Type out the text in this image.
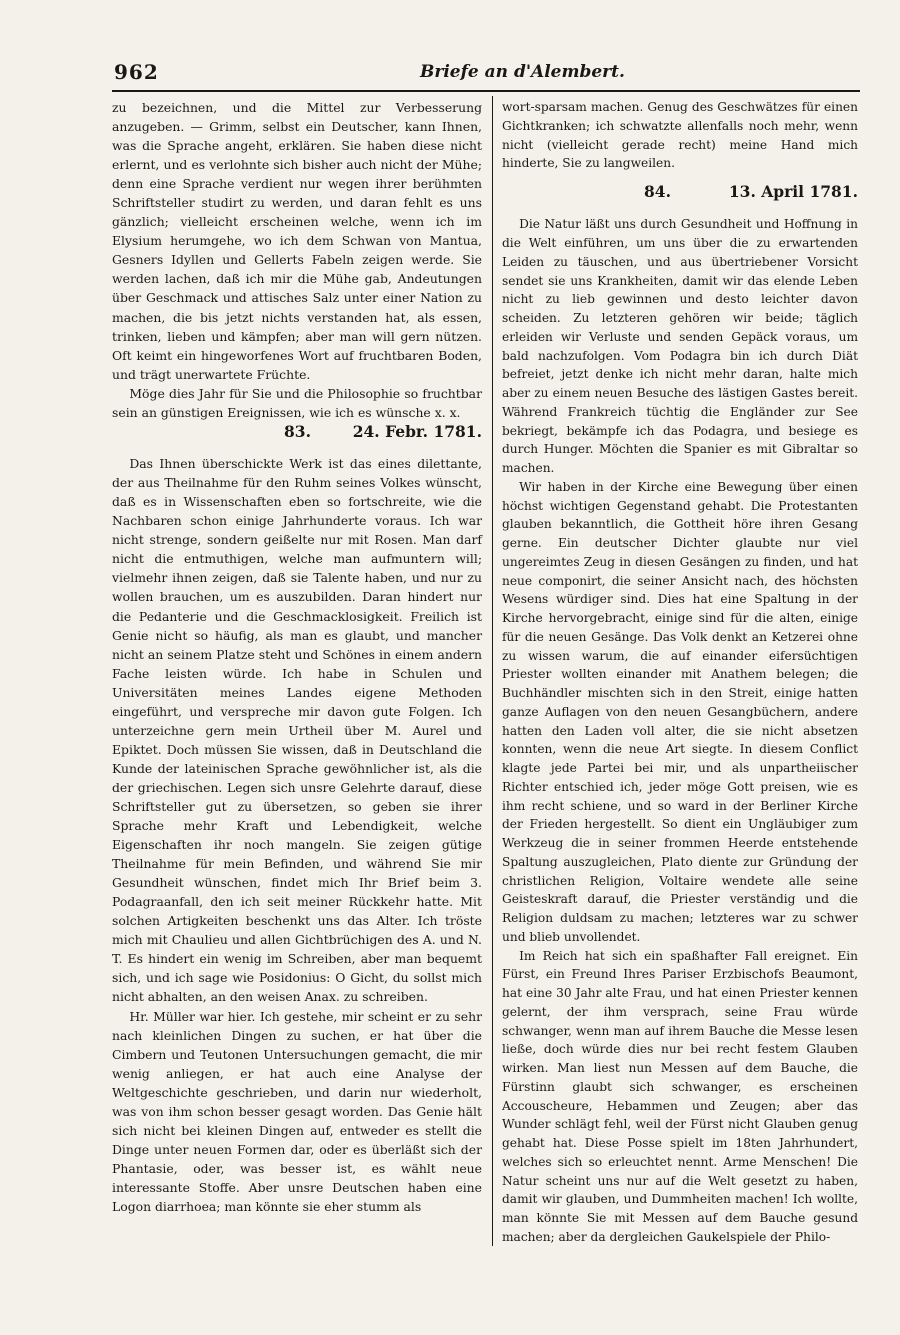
962	Briefe an d'Alembert.

zu bezeichnen, und die Mittel zur Verbesserung anzugeben. — Grimm, selbst ein Deutscher, kann Ihnen, was die Sprache angeht, erklären. Sie haben diese nicht erlernt, und es verlohnte sich bisher auch nicht der Mühe; denn eine Sprache verdient nur wegen ihrer berühmten Schriftsteller studirt zu werden, und daran fehlt es uns gänzlich; vielleicht erscheinen welche, wenn ich im Elysium herumgehe, wo ich dem Schwan von Mantua, Gesners Idyllen und Gellerts Fabeln zeigen werde. Sie werden lachen, daß ich mir die Mühe gab, Andeutungen über Geschmack und attisches Salz unter einer Nation zu machen, die bis jetzt nichts verstanden hat, als essen, trinken, lieben und kämpfen; aber man will gern nützen. Oft keimt ein hingeworfenes Wort auf fruchtbaren Boden, und trägt unerwartete Früchte.

Möge dies Jahr für Sie und die Philosophie so fruchtbar sein an günstigen Ereignissen, wie ich es wünsche x. x.

83.	24. Febr. 1781.

Das Ihnen überschickte Werk ist das eines dilettante, der aus Theilnahme für den Ruhm seines Volkes wünscht, daß es in Wissenschaften eben so fortschreite, wie die Nachbaren schon einige Jahrhunderte voraus. Ich war nicht strenge, sondern geißelte nur mit Rosen. Man darf nicht die entmuthigen, welche man aufmuntern will; vielmehr ihnen zeigen, daß sie Talente haben, und nur zu wollen brauchen, um es auszubilden. Daran hindert nur die Pedanterie und die Geschmacklosigkeit. Freilich ist Genie nicht so häufig, als man es glaubt, und mancher nicht an seinem Platze steht und Schönes in einem andern Fache leisten würde. Ich habe in Schulen und Universitäten meines Landes eigene Methoden eingeführt, und verspreche mir davon gute Folgen. Ich unterzeichne gern mein Urtheil über M. Aurel und Epiktet. Doch müssen Sie wissen, daß in Deutschland die Kunde der lateinischen Sprache gewöhnlicher ist, als die der griechischen. Legen sich unsre Gelehrte darauf, diese Schriftsteller gut zu übersetzen, so geben sie ihrer Sprache mehr Kraft und Lebendigkeit, welche Eigenschaften ihr noch mangeln. Sie zeigen gütige Theilnahme für mein Befinden, und während Sie mir Gesundheit wünschen, findet mich Ihr Brief beim 3. Podagraanfall, den ich seit meiner Rückkehr hatte. Mit solchen Artigkeiten beschenkt uns das Alter. Ich tröste mich mit Chaulieu und allen Gichtbrüchigen des A. und N. T. Es hindert ein wenig im Schreiben, aber man bequemt sich, und ich sage wie Posidonius: O Gicht, du sollst mich nicht abhalten, an den weisen Anax. zu schreiben.

Hr. Müller war hier. Ich gestehe, mir scheint er zu sehr nach kleinlichen Dingen zu suchen, er hat über die Cimbern und Teutonen Untersuchungen gemacht, die mir wenig anliegen, er hat auch eine Analyse der Weltgeschichte geschrieben, und darin nur wiederholt, was von ihm schon besser gesagt worden. Das Genie hält sich nicht bei kleinen Dingen auf, entweder es stellt die Dinge unter neuen Formen dar, oder es überläßt sich der Phantasie, oder, was besser ist, es wählt neue interessante Stoffe. Aber unsre Deutschen haben eine Logon diarrhoea; man könnte sie eher stumm als

wort-sparsam machen. Genug des Geschwätzes für einen Gichtkranken; ich schwatzte allenfalls noch mehr, wenn nicht (vielleicht gerade recht) meine Hand mich hinderte, Sie zu langweilen.

84.	13. April 1781.

Die Natur läßt uns durch Gesundheit und Hoffnung in die Welt einführen, um uns über die zu erwartenden Leiden zu täuschen, und aus übertriebener Vorsicht sendet sie uns Krankheiten, damit wir das elende Leben nicht zu lieb gewinnen und desto leichter davon scheiden. Zu letzteren gehören wir beide; täglich erleiden wir Verluste und senden Gepäck voraus, um bald nachzufolgen. Vom Podagra bin ich durch Diät befreiet, jetzt denke ich nicht mehr daran, halte mich aber zu einem neuen Besuche des lästigen Gastes bereit. Während Frankreich tüchtig die Engländer zur See bekriegt, bekämpfe ich das Podagra, und besiege es durch Hunger. Möchten die Spanier es mit Gibraltar so machen.

Wir haben in der Kirche eine Bewegung über einen höchst wichtigen Gegenstand gehabt. Die Protestanten glauben bekanntlich, die Gottheit höre ihren Gesang gerne. Ein deutscher Dichter glaubte nur viel ungereimtes Zeug in diesen Gesängen zu finden, und hat neue componirt, die seiner Ansicht nach, des höchsten Wesens würdiger sind. Dies hat eine Spaltung in der Kirche hervorgebracht, einige sind für die alten, einige für die neuen Gesänge. Das Volk denkt an Ketzerei ohne zu wissen warum, die auf einander eifersüchtigen Priester wollten einander mit Anathem belegen; die Buchhändler mischten sich in den Streit, einige hatten ganze Auflagen von den neuen Gesangbüchern, andere hatten den Laden voll alter, die sie nicht absetzen konnten, wenn die neue Art siegte. In diesem Conflict klagte jede Partei bei mir, und als unpartheiischer Richter entschied ich, jeder möge Gott preisen, wie es ihm recht schiene, und so ward in der Berliner Kirche der Frieden hergestellt. So dient ein Ungläubiger zum Werkzeug die in seiner frommen Heerde entstehende Spaltung auszugleichen, Plato diente zur Gründung der christlichen Religion, Voltaire wendete alle seine Geisteskraft darauf, die Priester verständig und die Religion duldsam zu machen; letzteres war zu schwer und blieb unvollendet.

Im Reich hat sich ein spaßhafter Fall ereignet. Ein Fürst, ein Freund Ihres Pariser Erzbischofs Beaumont, hat eine 30 Jahr alte Frau, und hat einen Priester kennen gelernt, der ihm versprach, seine Frau würde schwanger, wenn man auf ihrem Bauche die Messe lesen ließe, doch würde dies nur bei recht festem Glauben wirken. Man liest nun Messen auf dem Bauche, die Fürstinn glaubt sich schwanger, es erscheinen Accouscheure, Hebammen und Zeugen; aber das Wunder schlägt fehl, weil der Fürst nicht Glauben genug gehabt hat. Diese Posse spielt im 18ten Jahrhundert, welches sich so erleuchtet nennt. Arme Menschen! Die Natur scheint uns nur auf die Welt gesetzt zu haben, damit wir glauben, und Dummheiten machen! Ich wollte, man könnte Sie mit Messen auf dem Bauche gesund machen; aber da dergleichen Gaukelspiele der Philo-
